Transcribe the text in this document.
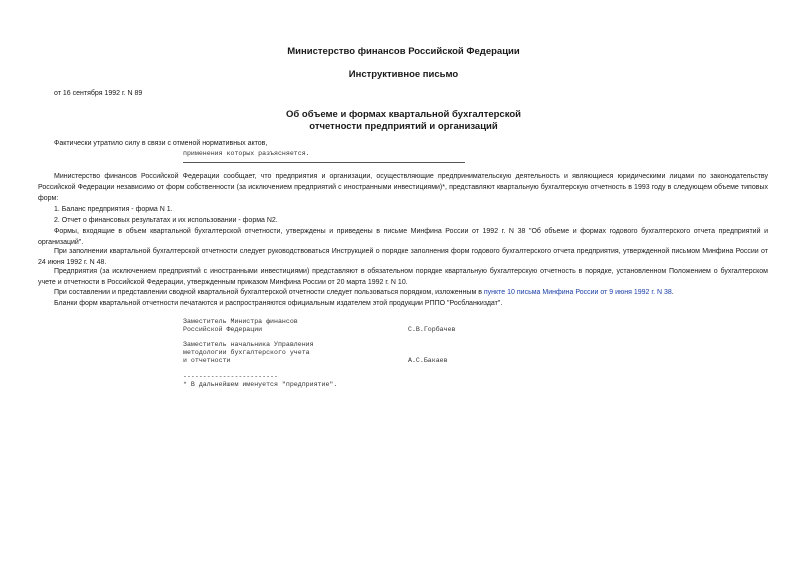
Министерство финансов Российской Федерации
Инструктивное письмо
от 16 сентября 1992 г. N 89
Об объеме и формах квартальной бухгалтерской
отчетности предприятий и организаций
Фактически утратило силу в связи с отменой нормативных актов,
применения которых разъясняется.
Министерство финансов Российской Федерации сообщает, что предприятия и организации, осуществляющие предпринимательскую деятельность и являющиеся юридическими лицами по законодательству Российской Федерации независимо от форм собственности (за исключением предприятий с иностранными инвестициями)*, представляют квартальную бухгалтерскую отчетность в 1993 году в следующем объеме типовых форм:
1. Баланс предприятия - форма N 1.
2. Отчет о финансовых результатах и их использовании - форма N2.
Формы, входящие в объем квартальной бухгалтерской отчетности, утверждены и приведены в письме Минфина России от 1992 г. N 38 "Об объеме и формах годового бухгалтерского отчета предприятий и организаций".
При заполнении квартальной бухгалтерской отчетности следует руководствоваться Инструкцией о порядке заполнения форм годового бухгалтерского отчета предприятия, утвержденной письмом Минфина России от 24 июня 1992 г. N 48.
Предприятия (за исключением предприятий с иностранными инвестициями) представляют в обязательном порядке квартальную бухгалтерскую отчетность в порядке, установленном Положением о бухгалтерском учете и отчетности в Российской Федерации, утвержденным приказом Минфина России от 20 марта 1992 г. N 10.
При составлении и представлении сводной квартальной бухгалтерской отчетности следует пользоваться порядком, изложенным в пункте 10 письма Минфина России от 9 июня 1992 г. N 38.
Бланки форм квартальной отчетности печатаются и распространяются официальным издателем этой продукции РППО "Росбланкиздат".
Заместитель Министра финансов
Российской Федерации	С.В.Горбачев
Заместитель начальника Управления
методологии бухгалтерского учета
и отчетности	А.С.Бакаев
------------------------
* В дальнейшем именуется "предприятие".
